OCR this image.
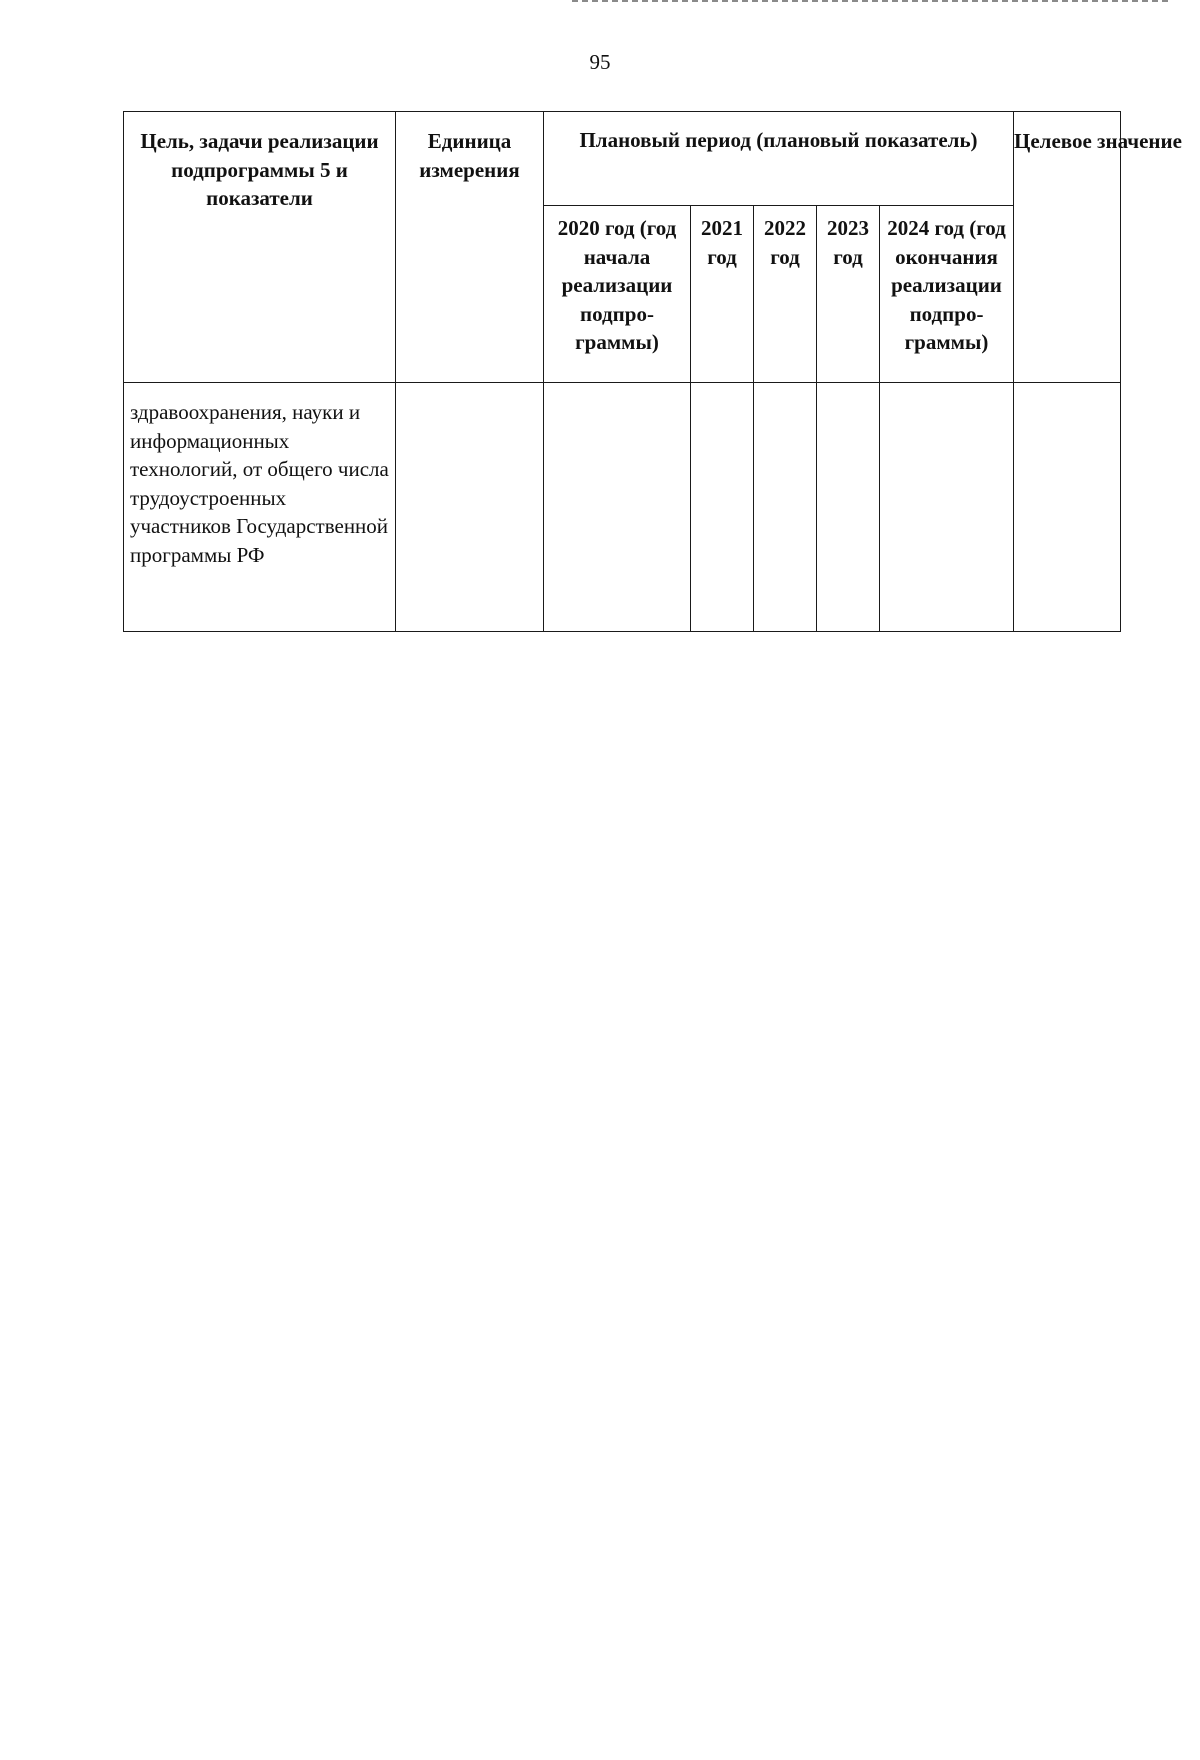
95
Цель, задачи реализации подпрограммы 5 и показатели	Единица измерения	Плановый период (плановый показатель)					Целевое значение
		2020 год (год начала реализации подпро-граммы)	2021 год	2022 год	2023 год	2024 год (год окончания реализации подпро-граммы)	
здравоохранения, науки и информационных технологий, от общего числа трудоустроенных участников Государственной программы РФ							
